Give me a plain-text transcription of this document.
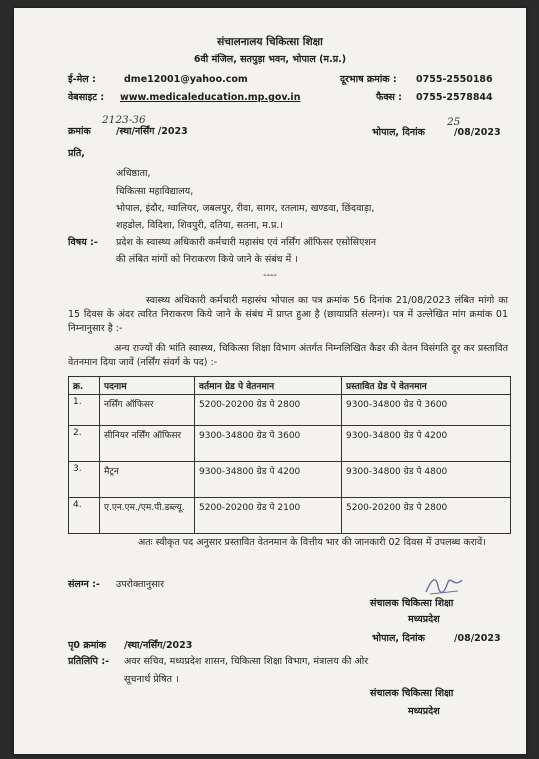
संचालनालय चिकित्सा शिक्षा
6वी मंजिल, सतपुड़ा भवन, भोपाल (म.प्र.)
ई-मेल :	dme12001@yahoo.com	दूरभाष क्रमांक : 0755-2550186
वेबसाइट : www.medicaleducation.mp.gov.in	फैक्स : 0755-2578844
2123-36
क्रमांक	/स्था/नर्सिंग /2023	भोपाल, दिनांक
25
/08/2023
प्रति,
अधिष्ठाता,
चिकित्सा महाविद्यालय,
भोपाल, इंदौर, ग्वालियर, जबलपुर, रीवा, सागर, रतलाम, खण्डवा, छिंदवाड़ा,
शहडोल, विदिशा, शिवपुरी, दतिया, सतना, म.प्र.।
विषय :- प्रदेश के स्वास्थ्य अधिकारी कर्मचारी महासंघ एवं नर्सिंग ऑफिसर एसोसिएशन
की लंबित मांगों को निराकरण किये जाने के संबंध में ।
----
स्वास्थ्य अधिकारी कर्मचारी महासंघ भोपाल का पत्र क्रमांक 56 दिनांक 21/08/2023 लंबित मांगो का 15 दिवस के अंदर त्वरित निराकरण किये जाने के संबंध में प्राप्त हुआ है (छायाप्रति संलग्न)। पत्र में उल्लेखित मांग क्रमांक 01 निम्नानुसार है :-
अन्य राज्यों की भांति स्वास्थ्य, चिकित्सा शिक्षा विभाग अंतर्गत निम्नलिखित कैडर की वेतन विसंगति दूर कर प्रस्तावित वेतनमान दिया जावें (नर्सिंग संवर्ग के पद) :-
क्र.	पदनाम	वर्तमान ग्रेड पे वेतनमान	प्रस्तावित ग्रेड पे वेतनमान
1.	नर्सिंग ऑफिसर	5200-20200 ग्रेड पे 2800	9300-34800 ग्रेड पे 3600
2.	सीनियर नर्सिंग ऑफिसर	9300-34800 ग्रेड पे 3600	9300-34800 ग्रेड पे 4200
3.	मैट्रन	9300-34800 ग्रेड पे 4200	9300-34800 ग्रेड पे 4800
4.	ए.एन.एम./एम.पी.डब्ल्यू.	5200-20200 ग्रेड पे 2100	5200-20200 ग्रेड पे 2800
अतः स्वीकृत पद अनुसार प्रस्तावित वेतनमान के वित्तीय भार की जानकारी 02 दिवस में उपलब्ध करावें।
संलग्न :- उपरोक्तानुसार
संचालक चिकित्सा शिक्षा
मध्यप्रदेश
पृ0 क्रमांक /स्था/नर्सिंग/2023
भोपाल, दिनांक	/08/2023
प्रतिलिपि :- अवर सचिव, मध्यप्रदेश शासन, चिकित्सा शिक्षा विभाग, मंत्रालय की ओर
सूचनार्थ प्रेषित ।
संचालक चिकित्सा शिक्षा
मध्यप्रदेश
